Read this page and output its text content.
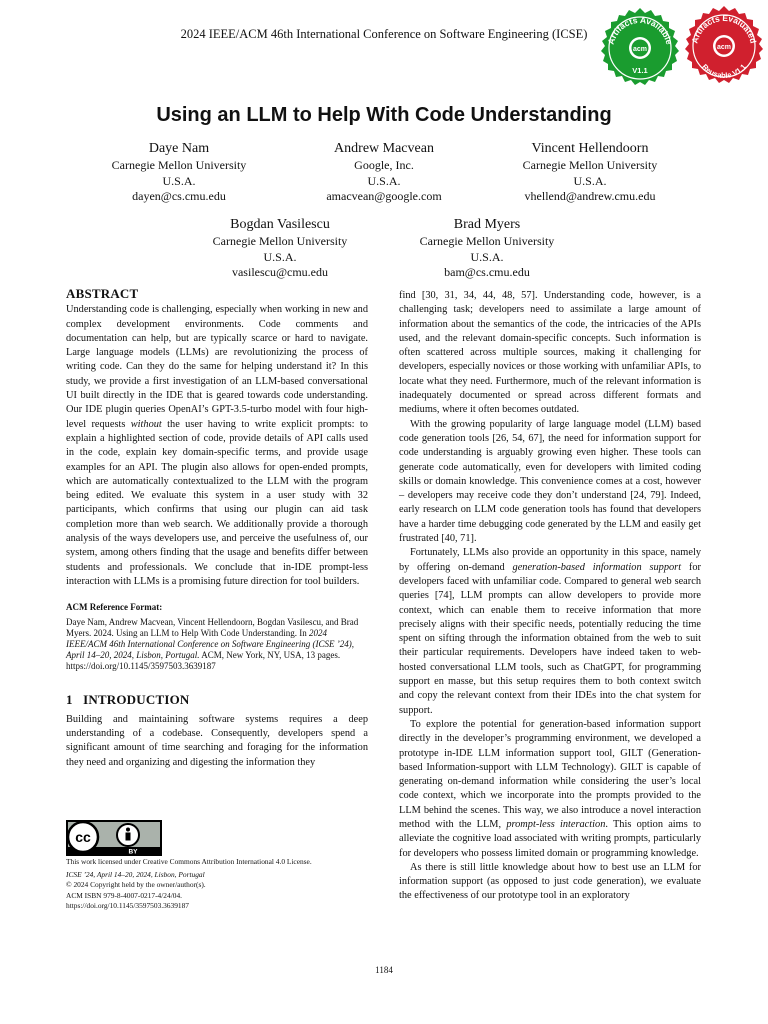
2024 IEEE/ACM 46th International Conference on Software Engineering (ICSE)
Artifacts Available
acm
V1.1
Artifacts Evaluated
acm
Reusable V1.1
Using an LLM to Help With Code Understanding
Daye Nam
Carnegie Mellon University
U.S.A.
dayen@cs.cmu.edu
Andrew Macvean
Google, Inc.
U.S.A.
amacvean@google.com
Vincent Hellendoorn
Carnegie Mellon University
U.S.A.
vhellend@andrew.cmu.edu
Bogdan Vasilescu
Carnegie Mellon University
U.S.A.
vasilescu@cmu.edu
Brad Myers
Carnegie Mellon University
U.S.A.
bam@cs.cmu.edu

ABSTRACT

Understanding code is challenging, especially when working in new and complex development environments. Code comments and documentation can help, but are typically scarce or hard to navigate. Large language models (LLMs) are revolutionizing the process of writing code. Can they do the same for helping understand it? In this study, we provide a first investigation of an LLM-based conversational UI built directly in the IDE that is geared towards code understanding. Our IDE plugin queries OpenAI’s GPT-3.5-turbo model with four high-level requests without the user having to write explicit prompts: to explain a highlighted section of code, provide details of API calls used in the code, explain key domain-specific terms, and provide usage examples for an API. The plugin also allows for open-ended prompts, which are automatically contextualized to the LLM with the program being edited. We evaluate this system in a user study with 32 participants, which confirms that using our plugin can aid task completion more than web search. We additionally provide a thorough analysis of the ways developers use, and perceive the usefulness of, our system, among others finding that the usage and benefits differ between students and professionals. We conclude that in-IDE prompt-less interaction with LLMs is a promising future direction for tool builders.

ACM Reference Format:

Daye Nam, Andrew Macvean, Vincent Hellendoorn, Bogdan Vasilescu, and Brad Myers. 2024. Using an LLM to Help With Code Understanding. In 2024 IEEE/ACM 46th International Conference on Software Engineering (ICSE ’24), April 14–20, 2024, Lisbon, Portugal. ACM, New York, NY, USA, 13 pages. https://doi.org/10.1145/3597503.3639187

1 INTRODUCTION

Building and maintaining software systems requires a deep understanding of a codebase. Consequently, developers spend a significant amount of time searching and foraging for the information they need and organizing and digesting the information they

cc
BY
This work licensed under Creative Commons Attribution International 4.0 License.
ICSE ’24, April 14–20, 2024, Lisbon, Portugal
© 2024 Copyright held by the owner/author(s).
ACM ISBN 979-8-4007-0217-4/24/04.
https://doi.org/10.1145/3597503.3639187

find [30, 31, 34, 44, 48, 57]. Understanding code, however, is a challenging task; developers need to assimilate a large amount of information about the semantics of the code, the intricacies of the APIs used, and the relevant domain-specific concepts. Such information is often scattered across multiple sources, making it challenging for developers, especially novices or those working with unfamiliar APIs, to locate what they need. Furthermore, much of the relevant information is inadequately documented or spread across different formats and mediums, where it often becomes outdated.

With the growing popularity of large language model (LLM) based code generation tools [26, 54, 67], the need for information support for code understanding is arguably growing even higher. These tools can generate code automatically, even for developers with limited coding skills or domain knowledge. This convenience comes at a cost, however – developers may receive code they don’t understand [24, 79]. Indeed, early research on LLM code generation tools has found that developers have a harder time debugging code generated by the LLM and easily get frustrated [40, 71].

Fortunately, LLMs also provide an opportunity in this space, namely by offering on-demand generation-based information support for developers faced with unfamiliar code. Compared to general web search queries [74], LLM prompts can allow developers to provide more context, which can enable them to receive information that more precisely aligns with their specific needs, potentially reducing the time spent on sifting through the information obtained from the web to suit their particular requirements. Developers have indeed taken to web-hosted conversational LLM tools, such as ChatGPT, for programming support en masse, but this setup requires them to both context switch and copy the relevant context from their IDEs into the chat system for support.

To explore the potential for generation-based information support directly in the developer’s programming environment, we developed a prototype in-IDE LLM information support tool, GILT (Generation-based Information-support with LLM Technology). GILT is capable of generating on-demand information while considering the user’s local code context, which we incorporate into the prompts provided to the LLM behind the scenes. This way, we also introduce a novel interaction method with the LLM, prompt-less interaction. This option aims to alleviate the cognitive load associated with writing prompts, particularly for developers who possess limited domain or programming knowledge.

As there is still little knowledge about how to best use an LLM for information support (as opposed to just code generation), we evaluate the effectiveness of our prototype tool in an exploratory

1184
